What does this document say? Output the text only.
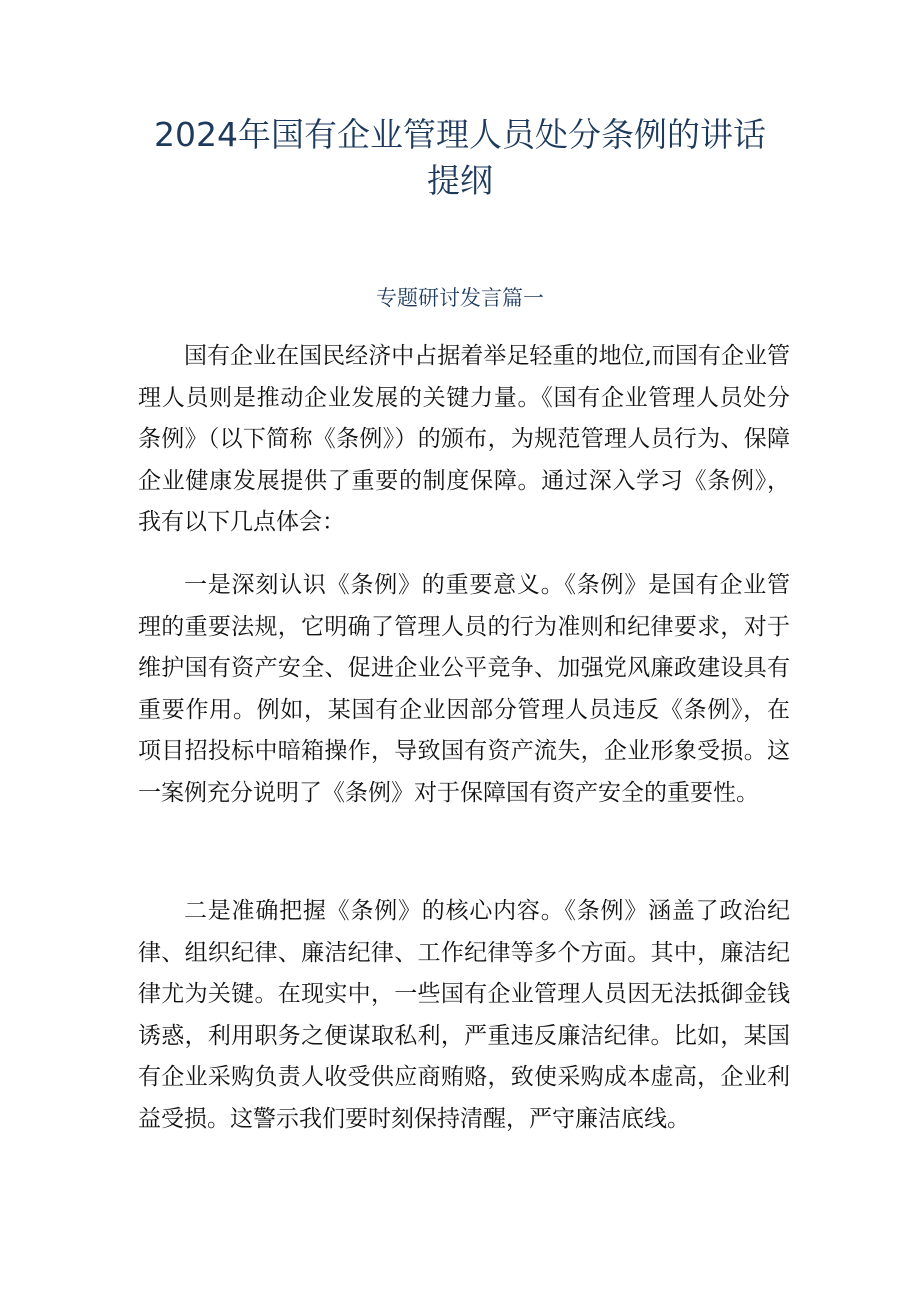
2024年国有企业管理人员处分条例的讲话
提纲
专题研讨发言篇一

国有企业在国民经济中占据着举足轻重的地位,而国有企业管理人员则是推动企业发展的关键力量。《国有企业管理人员处分条例》（以下简称《条例》）的颁布，为规范管理人员行为、保障企业健康发展提供了重要的制度保障。通过深入学习《条例》，我有以下几点体会：

一是深刻认识《条例》的重要意义。《条例》是国有企业管理的重要法规，它明确了管理人员的行为准则和纪律要求，对于维护国有资产安全、促进企业公平竞争、加强党风廉政建设具有重要作用。例如，某国有企业因部分管理人员违反《条例》，在项目招投标中暗箱操作，导致国有资产流失，企业形象受损。这一案例充分说明了《条例》对于保障国有资产安全的重要性。

二是准确把握《条例》的核心内容。《条例》涵盖了政治纪律、组织纪律、廉洁纪律、工作纪律等多个方面。其中，廉洁纪律尤为关键。在现实中，一些国有企业管理人员因无法抵御金钱诱惑，利用职务之便谋取私利，严重违反廉洁纪律。比如，某国有企业采购负责人收受供应商贿赂，致使采购成本虚高，企业利益受损。这警示我们要时刻保持清醒，严守廉洁底线。
